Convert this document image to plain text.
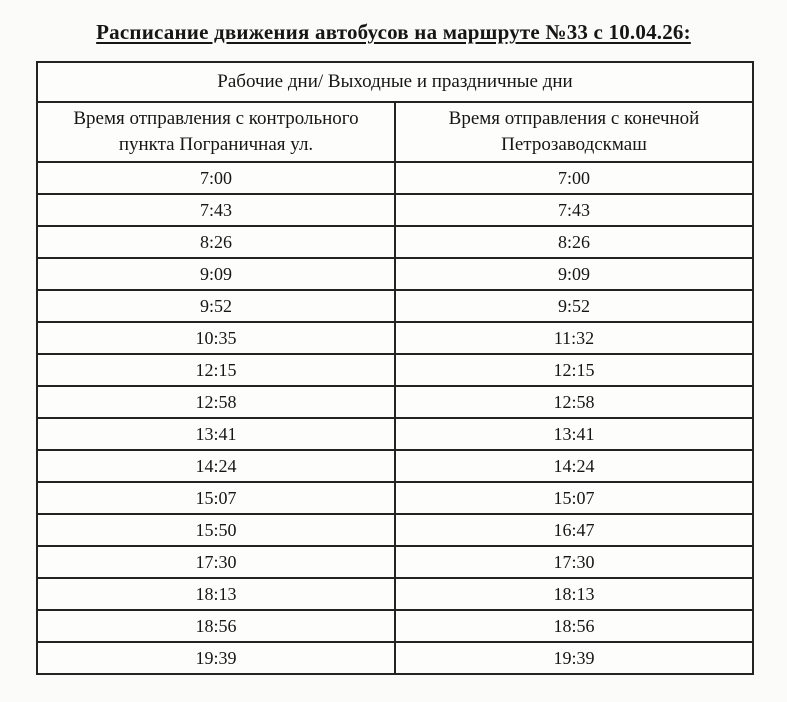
Расписание движения автобусов на маршруте №33 с 10.04.26:
Рабочие дни/ Выходные и праздничные дни	
Время отправления с контрольного пункта Пограничная ул.	Время отправления с конечной Петрозаводскмаш
7:00	7:00
7:43	7:43
8:26	8:26
9:09	9:09
9:52	9:52
10:35	11:32
12:15	12:15
12:58	12:58
13:41	13:41
14:24	14:24
15:07	15:07
15:50	16:47
17:30	17:30
18:13	18:13
18:56	18:56
19:39	19:39
